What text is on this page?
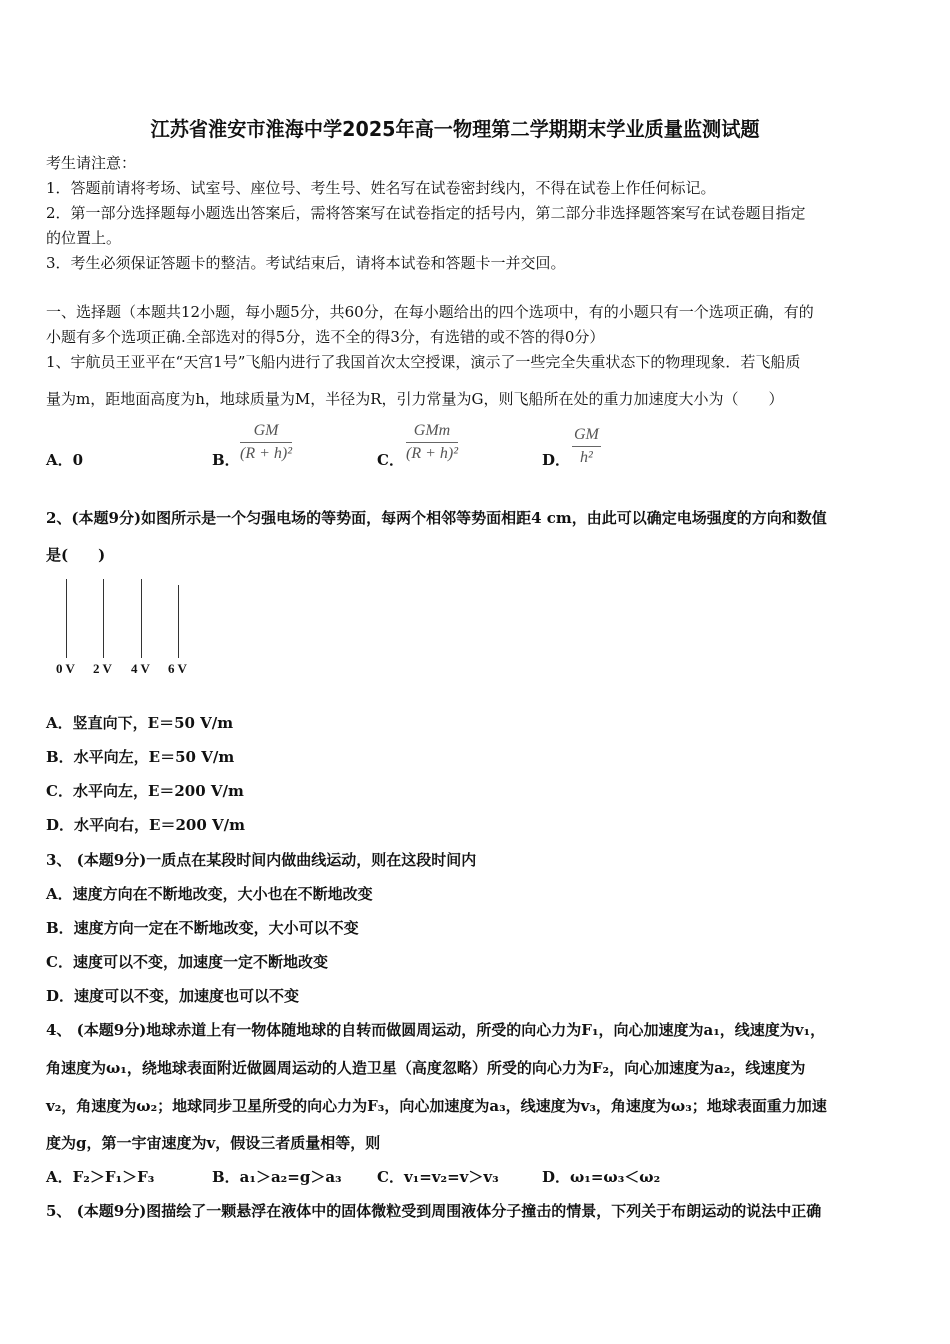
江苏省淮安市淮海中学2025年高一物理第二学期期末学业质量监测试题
考生请注意：
1．答题前请将考场、试室号、座位号、考生号、姓名写在试卷密封线内，不得在试卷上作任何标记。
2．第一部分选择题每小题选出答案后，需将答案写在试卷指定的括号内，第二部分非选择题答案写在试卷题目指定
的位置上。
3．考生必须保证答题卡的整洁。考试结束后，请将本试卷和答题卡一并交回。
一、选择题（本题共12小题，每小题5分，共60分，在每小题给出的四个选项中，有的小题只有一个选项正确，有的
小题有多个选项正确.全部选对的得5分，选不全的得3分，有选错的或不答的得0分）
1、宇航员王亚平在“天宫1号”飞船内进行了我国首次太空授课，演示了一些完全失重状态下的物理现象．若飞船质
量为m，距地面高度为h，地球质量为M，半径为R，引力常量为G，则飞船所在处的重力加速度大小为（　　）
A．0	B．
GM
(R + h)²	C．
GMm
(R + h)²	D．
GM
h²
2、(本题9分)如图所示是一个匀强电场的等势面，每两个相邻等势面相距4 cm，由此可以确定电场强度的方向和数值
是(　　)
0 V 2 V 4 V 6 V
A．竖直向下，E＝50 V/m
B．水平向左，E＝50 V/m
C．水平向左，E＝200 V/m
D．水平向右，E＝200 V/m
3、 (本题9分)一质点在某段时间内做曲线运动，则在这段时间内
A．速度方向在不断地改变，大小也在不断地改变
B．速度方向一定在不断地改变，大小可以不变
C．速度可以不变，加速度一定不断地改变
D．速度可以不变，加速度也可以不变
4、 (本题9分)地球赤道上有一物体随地球的自转而做圆周运动，所受的向心力为F₁，向心加速度为a₁，线速度为v₁，
角速度为ω₁，绕地球表面附近做圆周运动的人造卫星（高度忽略）所受的向心力为F₂，向心加速度为a₂，线速度为
v₂，角速度为ω₂；地球同步卫星所受的向心力为F₃，向心加速度为a₃，线速度为v₃，角速度为ω₃；地球表面重力加速
度为g，第一宇宙速度为v，假设三者质量相等，则
A．F₂＞F₁＞F₃	B．a₁＞a₂=g＞a₃ C．v₁=v₂=v＞v₃	D．ω₁=ω₃＜ω₂
5、 (本题9分)图描绘了一颗悬浮在液体中的固体微粒受到周围液体分子撞击的情景，下列关于布朗运动的说法中正确
